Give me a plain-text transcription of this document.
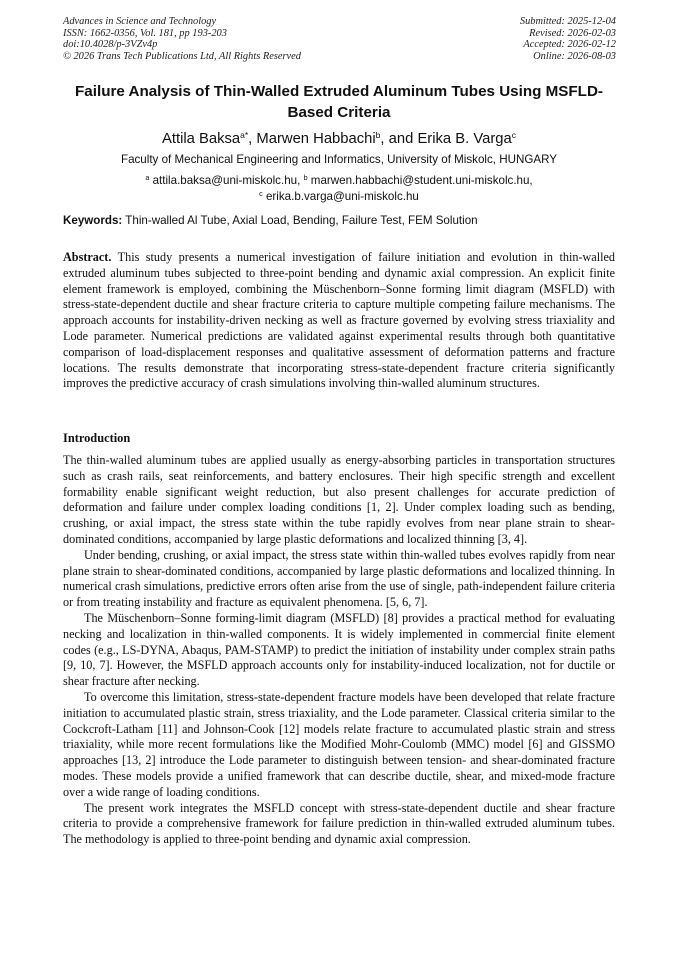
Advances in Science and Technology
ISSN: 1662-0356, Vol. 181, pp 193-203
doi:10.4028/p-3VZv4p
© 2026 Trans Tech Publications Ltd, All Rights Reserved
Submitted: 2025-12-04
Revised: 2026-02-03
Accepted: 2026-02-12
Online: 2026-08-03
Failure Analysis of Thin-Walled Extruded Aluminum Tubes Using MSFLD-Based Criteria
Attila Baksa$^{a*}$, Marwen Habbachi$^b$, and Erika B. Varga$^c$
Faculty of Mechanical Engineering and Informatics, University of Miskolc, HUNGARY
$^a$ attila.baksa@uni-miskolc.hu, $^b$ marwen.habbachi@student.uni-miskolc.hu,
$^c$ erika.b.varga@uni-miskolc.hu
Keywords: Thin-walled Al Tube, Axial Load, Bending, Failure Test, FEM Solution

Abstract. This study presents a numerical investigation of failure initiation and evolution in thin-walled extruded aluminum tubes subjected to three-point bending and dynamic axial compression. An explicit finite element framework is employed, combining the Müschenborn–Sonne forming limit diagram (MSFLD) with stress-state-dependent ductile and shear fracture criteria to capture multiple competing failure mechanisms. The approach accounts for instability-driven necking as well as fracture governed by evolving stress triaxiality and Lode parameter. Numerical predictions are validated against experimental results through both quantitative comparison of load-displacement responses and qualitative assessment of deformation patterns and fracture locations. The results demonstrate that incorporating stress-state-dependent fracture criteria significantly improves the predictive accuracy of crash simulations involving thin-walled aluminum structures.

Introduction

The thin-walled aluminum tubes are applied usually as energy-absorbing particles in transportation structures such as crash rails, seat reinforcements, and battery enclosures. Their high specific strength and excellent formability enable significant weight reduction, but also present challenges for accurate prediction of deformation and failure under complex loading conditions [1, 2]. Under complex loading such as bending, crushing, or axial impact, the stress state within the tube rapidly evolves from near plane strain to shear-dominated conditions, accompanied by large plastic deformations and localized thinning [3, 4].

Under bending, crushing, or axial impact, the stress state within thin-walled tubes evolves rapidly from near plane strain to shear-dominated conditions, accompanied by large plastic deformations and localized thinning. In numerical crash simulations, predictive errors often arise from the use of single, path-independent failure criteria or from treating instability and fracture as equivalent phenomena. [5, 6, 7].

The Müschenborn–Sonne forming-limit diagram (MSFLD) [8] provides a practical method for evaluating necking and localization in thin-walled components. It is widely implemented in commercial finite element codes (e.g., LS-DYNA, Abaqus, PAM-STAMP) to predict the initiation of instability under complex strain paths [9, 10, 7]. However, the MSFLD approach accounts only for instability-induced localization, not for ductile or shear fracture after necking.

To overcome this limitation, stress-state-dependent fracture models have been developed that relate fracture initiation to accumulated plastic strain, stress triaxiality, and the Lode parameter. Classical criteria similar to the Cockcroft-Latham [11] and Johnson-Cook [12] models relate fracture to accumulated plastic strain and stress triaxiality, while more recent formulations like the Modified Mohr-Coulomb (MMC) model [6] and GISSMO approaches [13, 2] introduce the Lode parameter to distinguish between tension- and shear-dominated fracture modes. These models provide a unified framework that can describe ductile, shear, and mixed-mode fracture over a wide range of loading conditions.

The present work integrates the MSFLD concept with stress-state-dependent ductile and shear fracture criteria to provide a comprehensive framework for failure prediction in thin-walled extruded aluminum tubes. The methodology is applied to three-point bending and dynamic axial compression.
